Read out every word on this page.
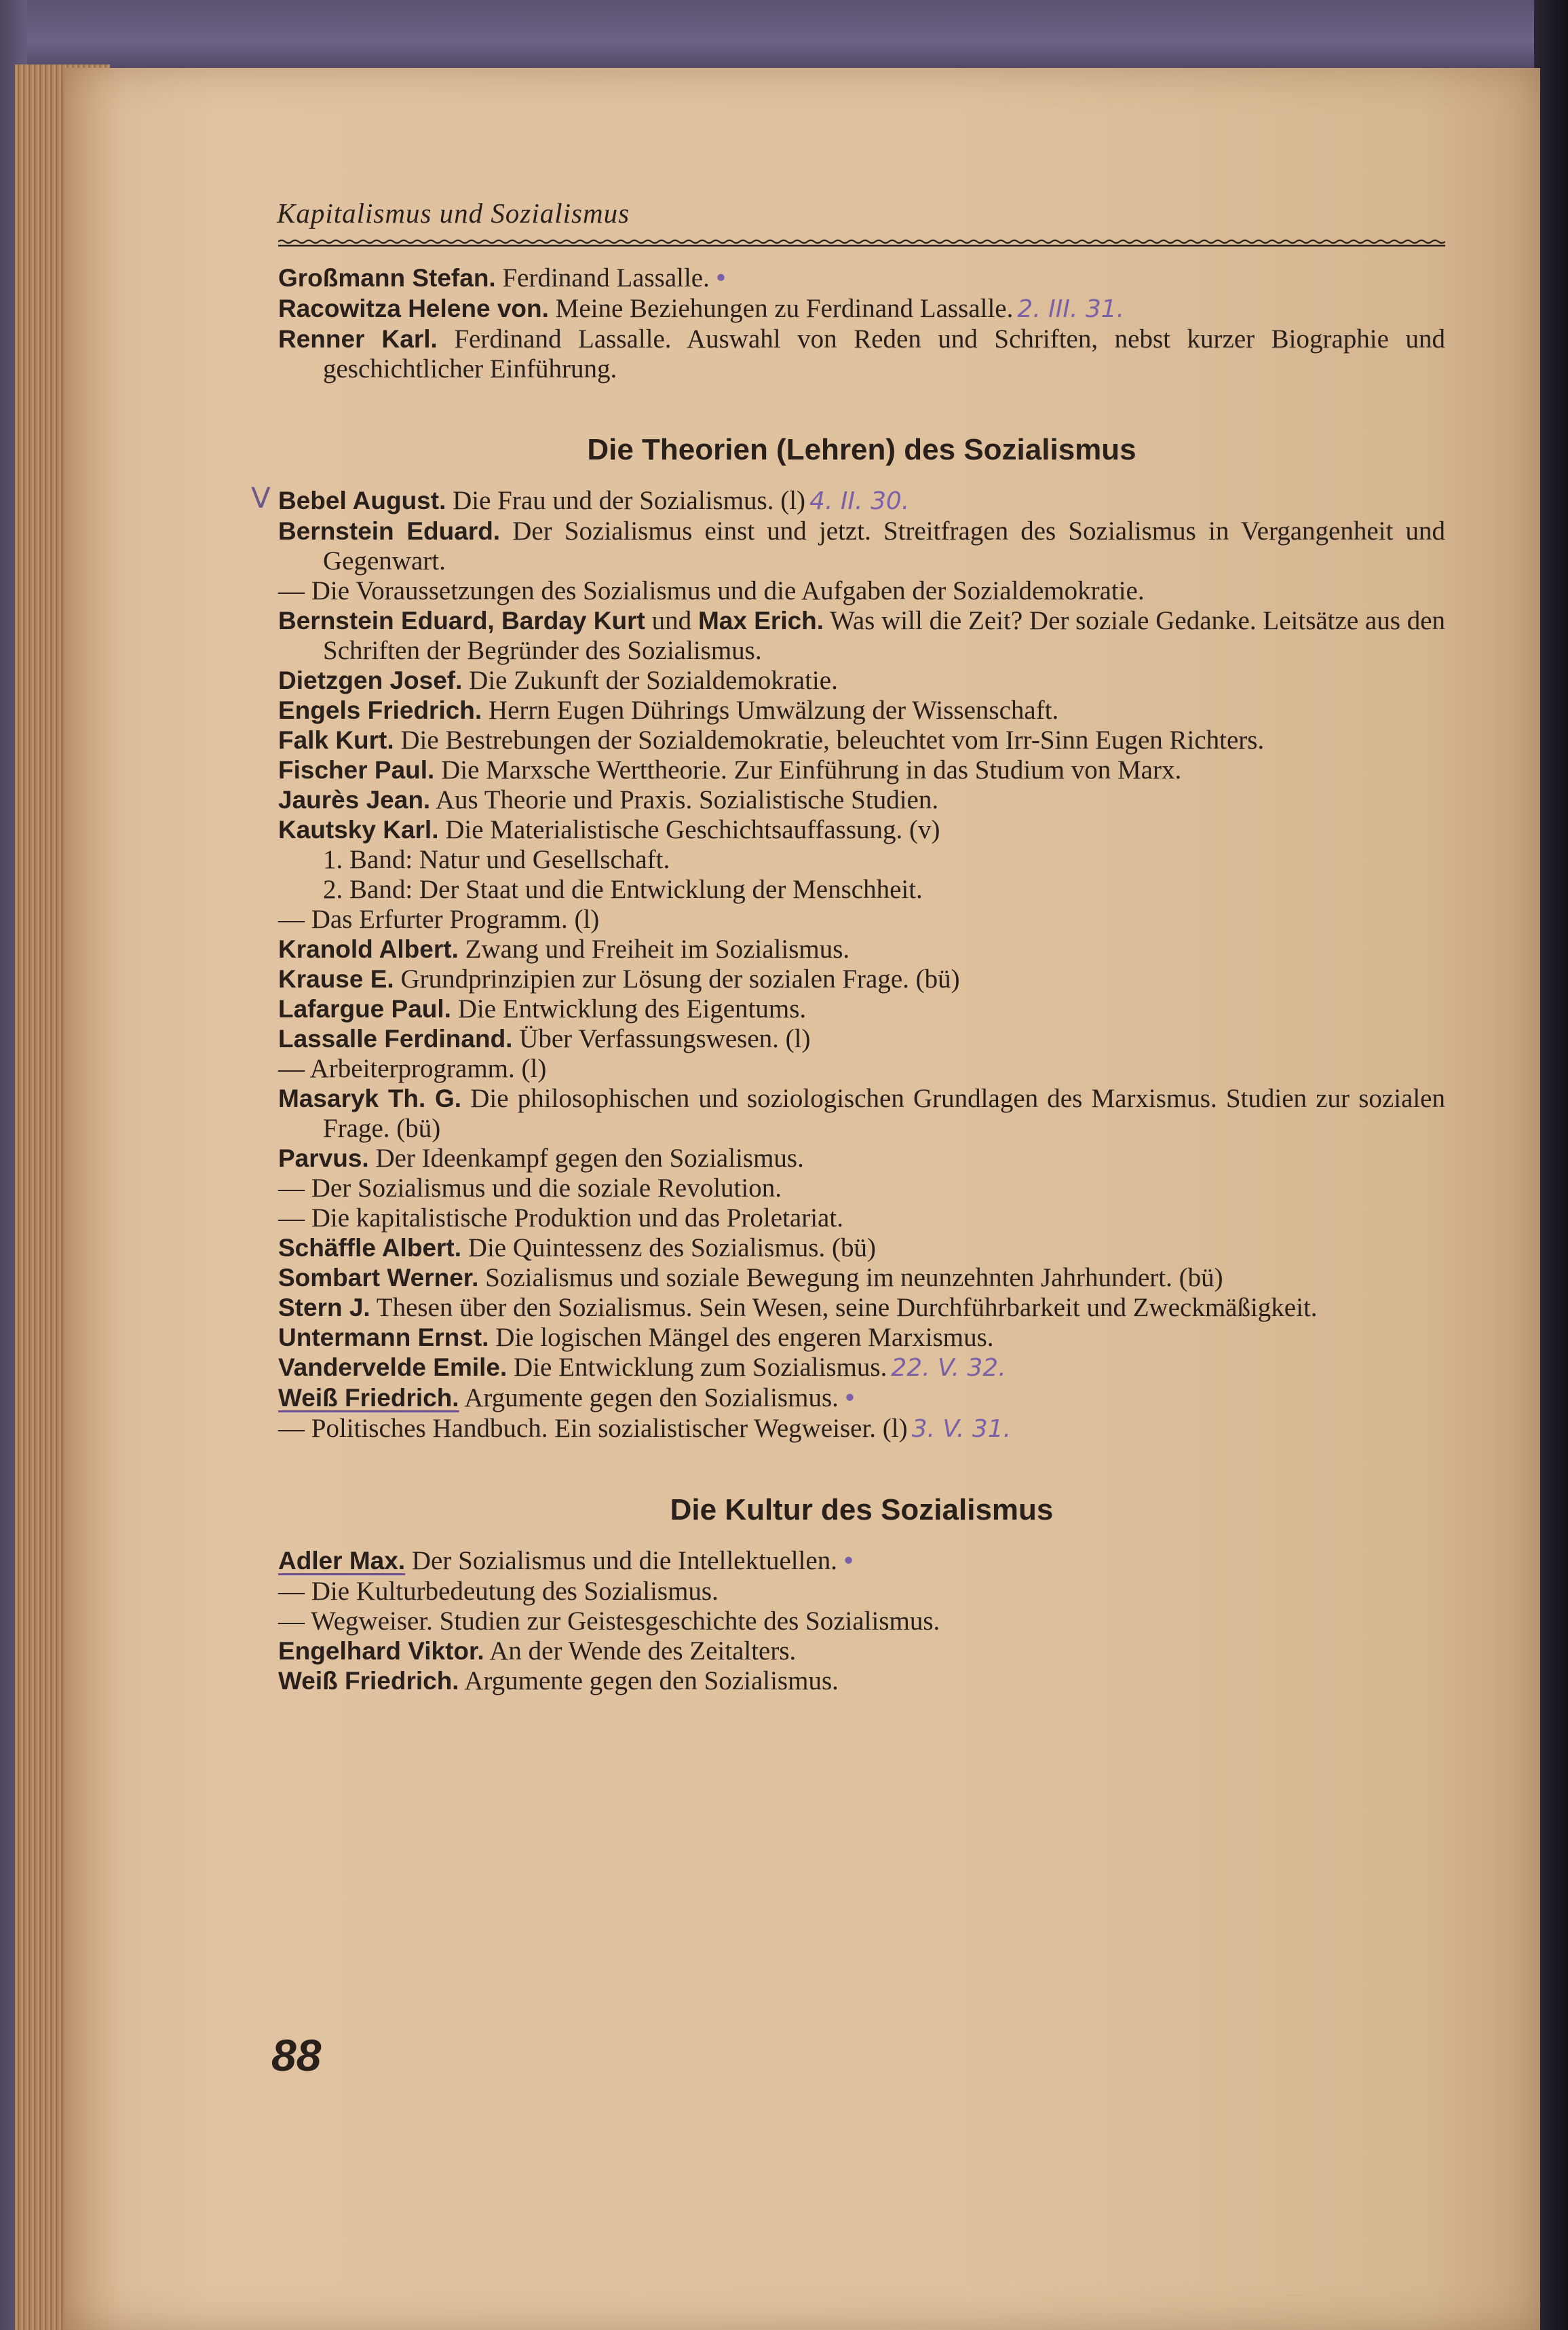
Kapitalismus und Sozialismus

Großmann Stefan. Ferdinand Lassalle. •

Racowitza Helene von. Meine Beziehungen zu Ferdinand Lassalle. 2. III. 31.

Renner Karl. Ferdinand Lassalle. Auswahl von Reden und Schriften, nebst kurzer Biographie und geschichtlicher Einführung.

Die Theorien (Lehren) des Sozialismus

V Bebel August. Die Frau und der Sozialismus. (l) 4. II. 30.

Bernstein Eduard. Der Sozialismus einst und jetzt. Streitfragen des Sozialismus in Vergangenheit und Gegenwart.

— Die Voraussetzungen des Sozialismus und die Aufgaben der Sozialdemokratie.

Bernstein Eduard, Barday Kurt und Max Erich. Was will die Zeit? Der soziale Gedanke. Leitsätze aus den Schriften der Begründer des Sozialismus.

Dietzgen Josef. Die Zukunft der Sozialdemokratie.

Engels Friedrich. Herrn Eugen Dührings Umwälzung der Wissenschaft.

Falk Kurt. Die Bestrebungen der Sozialdemokratie, beleuchtet vom Irr-Sinn Eugen Richters.

Fischer Paul. Die Marxsche Werttheorie. Zur Einführung in das Studium von Marx.

Jaurès Jean. Aus Theorie und Praxis. Sozialistische Studien.

Kautsky Karl. Die Materialistische Geschichtsauffassung. (v)

1. Band: Natur und Gesellschaft.

2. Band: Der Staat und die Entwicklung der Menschheit.

— Das Erfurter Programm. (l)

Kranold Albert. Zwang und Freiheit im Sozialismus.

Krause E. Grundprinzipien zur Lösung der sozialen Frage. (bü)

Lafargue Paul. Die Entwicklung des Eigentums.

Lassalle Ferdinand. Über Verfassungswesen. (l)

— Arbeiterprogramm. (l)

Masaryk Th. G. Die philosophischen und soziologischen Grundlagen des Marxismus. Studien zur sozialen Frage. (bü)

Parvus. Der Ideenkampf gegen den Sozialismus.

— Der Sozialismus und die soziale Revolution.

— Die kapitalistische Produktion und das Proletariat.

Schäffle Albert. Die Quintessenz des Sozialismus. (bü)

Sombart Werner. Sozialismus und soziale Bewegung im neunzehnten Jahrhundert. (bü)

Stern J. Thesen über den Sozialismus. Sein Wesen, seine Durchführbarkeit und Zweckmäßigkeit.

Untermann Ernst. Die logischen Mängel des engeren Marxismus.

Vandervelde Emile. Die Entwicklung zum Sozialismus. 22. V. 32.

Weiß Friedrich. Argumente gegen den Sozialismus. •

— Politisches Handbuch. Ein sozialistischer Wegweiser. (l) 3. V. 31.

Die Kultur des Sozialismus

Adler Max. Der Sozialismus und die Intellektuellen. •

— Die Kulturbedeutung des Sozialismus.

— Wegweiser. Studien zur Geistesgeschichte des Sozialismus.

Engelhard Viktor. An der Wende des Zeitalters.

Weiß Friedrich. Argumente gegen den Sozialismus.

88
